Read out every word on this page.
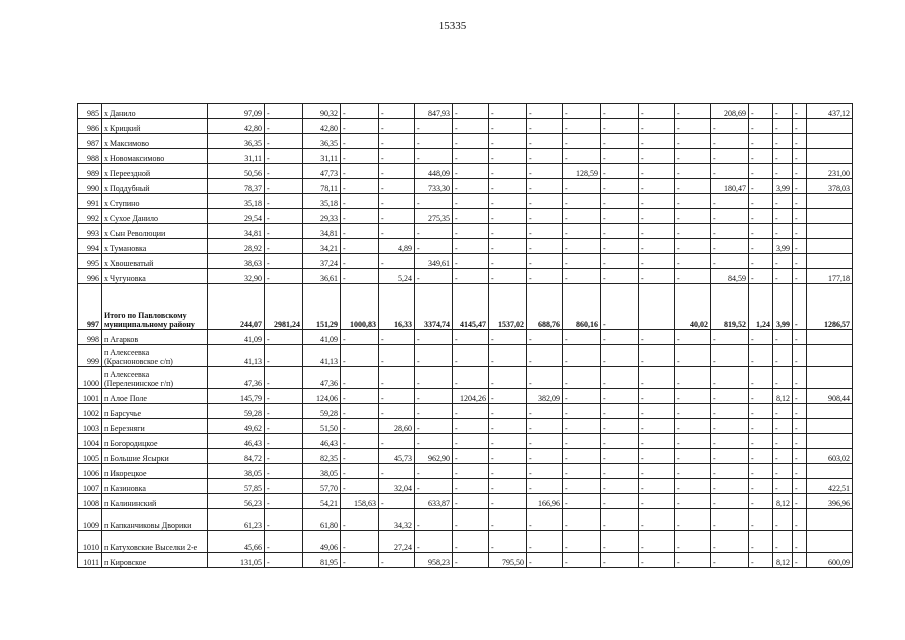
15335
985	х Данило	97,09	-	90,32	-	-	847,93	-	-	-	-	-	-	-	208,69	-	-	-	437,12
986	х Крицкий	42,80	-	42,80	-	-	-	-	-	-	-	-	-	-	-	-	-	-	
987	х Максимово	36,35	-	36,35	-	-	-	-	-	-	-	-	-	-	-	-	-	-	
988	х Новомаксимово	31,11	-	31,11	-	-	-	-	-	-	-	-	-	-	-	-	-	-	
989	х Переездной	50,56	-	47,73	-	-	448,09	-	-	-	128,59	-	-	-	-	-	-	-	231,00
990	х Поддубный	78,37	-	78,11	-	-	733,30	-	-	-	-	-	-	-	180,47	-	3,99	-	378,03
991	х Ступино	35,18	-	35,18	-	-	-	-	-	-	-	-	-	-	-	-	-	-	
992	х Сухое Данило	29,54	-	29,33	-	-	275,35	-	-	-	-	-	-	-	-	-	-	-	
993	х Сын Революции	34,81	-	34,81	-	-	-	-	-	-	-	-	-	-	-	-	-	-	
994	х Тумановка	28,92	-	34,21	-	4,89	-	-	-	-	-	-	-	-	-	-	3,99	-	
995	х Хвошеватый	38,63	-	37,24	-	-	349,61	-	-	-	-	-	-	-	-	-	-	-	
996	х Чугуновка	32,90	-	36,61	-	5,24	-	-	-	-	-	-	-	-	84,59	-	-	-	177,18
997	Итого по Павловскому муниципальному району	244,07	2981,24	151,29	1000,83	16,33	3374,74	4145,47	1537,02	688,76	860,16	-		40,02	819,52	1,24	3,99	-	1286,57
998	п Агарков	41,09	-	41,09	-	-	-	-	-	-	-	-	-	-	-	-	-	-	
999	п Алексеевка (Красноновское с/п)	41,13	-	41,13	-	-	-	-	-	-	-	-	-	-	-	-	-	-	
1000	п Алексеевка (Переленинское г/п)	47,36	-	47,36	-	-	-	-	-	-	-	-	-	-	-	-	-	-	
1001	п Алое Поле	145,79	-	124,06	-	-	-	1204,26	-	382,09	-	-	-	-	-	-	8,12	-	908,44
1002	п Барсучье	59,28	-	59,28	-	-	-	-	-	-	-	-	-	-	-	-	-	-	
1003	п Березняги	49,62	-	51,50	-	28,60	-	-	-	-	-	-	-	-	-	-	-	-	
1004	п Богородицкое	46,43	-	46,43	-	-	-	-	-	-	-	-	-	-	-	-	-	-	
1005	п Большие Ясырки	84,72	-	82,35	-	45,73	962,90	-	-	-	-	-	-	-	-	-	-	-	603,02
1006	п Икорецкое	38,05	-	38,05	-	-	-	-	-	-	-	-	-	-	-	-	-	-	
1007	п Казиновка	57,85	-	57,70	-	32,04	-	-	-	-	-	-	-	-	-	-	-	-	422,51
1008	п Калининский	56,23	-	54,21	158,63	-	633,87	-	-	166,96	-	-	-	-	-	-	8,12	-	396,96
1009	п Капканчиковы Дворики	61,23	-	61,80	-	34,32	-	-	-	-	-	-	-	-	-	-	-	-	
1010	п Катуховские Выселки 2-е	45,66	-	49,06	-	27,24	-	-	-	-	-	-	-	-	-	-	-	-	
1011	п Кировское	131,05	-	81,95	-	-	958,23	-	795,50	-	-	-	-	-	-	-	8,12	-	600,09
